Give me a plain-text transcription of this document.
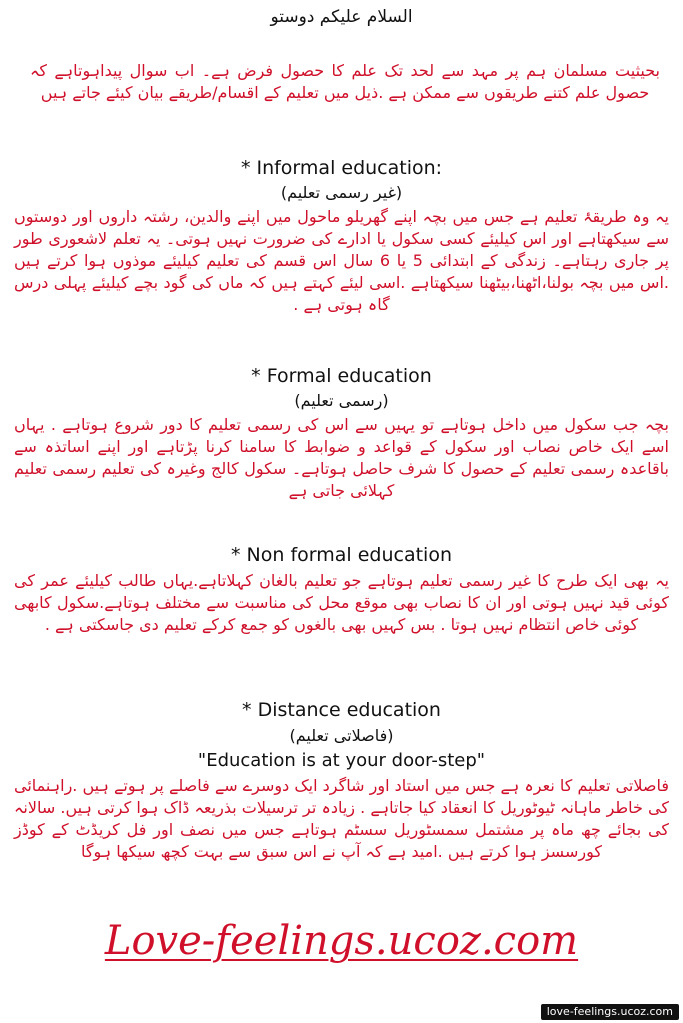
السلام علیکم دوستو
بحیثیت مسلمان ہم پر مہد سے لحد تک علم کا حصول فرض ہے۔ اب سوال پیداہوتاہے کہ حصول علم کتنے طریقوں سے ممکن ہے .ذیل میں تعلیم کے اقسام/طریقے بیان کیئے جاتے ہیں
* Informal education:
(غیر رسمی تعلیم)
یہ وہ طریقۂ تعلیم ہے جس میں بچہ اپنے گھریلو ماحول میں اپنے والدین، رشتہ داروں اور دوستوں سے سیکھتاہے اور اس کیلیئے کسی سکول یا ادارے کی ضرورت نہیں ہوتی۔ یہ تعلم لاشعوری طور پر جاری رہتاہے۔ زندگی کے ابتدائی 5 یا 6 سال اس قسم کی تعلیم کیلیئے موذوں ہوا کرتے ہیں .اس میں بچہ بولنا،اٹھنا،بیٹھنا سیکھتاہے .اسی لیئے کہتے ہیں کہ ماں کی گود بچے کیلیئے پہلی درس گاہ ہوتی ہے .
* Formal education
(رسمی تعلیم)
بچہ جب سکول میں داخل ہوتاہے تو یہیں سے اس کی رسمی تعلیم کا دور شروع ہوتاہے . یہاں اسے ایک خاص نصاب اور سکول کے قواعد و ضوابط کا سامنا کرنا پڑتاہے اور اپنے اساتذہ سے باقاعدہ رسمی تعلیم کے حصول کا شرف حاصل ہوتاہے۔ سکول کالج وغیرہ کی تعلیم رسمی تعلیم کہلائی جاتی ہے
* Non formal education
یہ بھی ایک طرح کا غیر رسمی تعلیم ہوتاہے جو تعلیم بالغان کہلاتاہے.یہاں طالب کیلیئے عمر کی کوئی قید نہیں ہوتی اور ان کا نصاب بھی موقع محل کی مناسبت سے مختلف ہوتاہے.سکول کابھی کوئی خاص انتظام نہیں ہوتا . بس کہیں بھی بالغوں کو جمع کرکے تعلیم دی جاسکتی ہے .
* Distance education
(فاصلاتی تعلیم)
"Education is at your door-step"
فاصلاتی تعلیم کا نعرہ ہے جس میں استاد اور شاگرد ایک دوسرے سے فاصلے پر ہوتے ہیں .راہنمائی کی خاطر ماہانہ ٹیوٹوریل کا انعقاد کیا جاتاہے . زیادہ تر ترسیلات بذریعہ ڈاک ہوا کرتی ہیں. سالانہ کی بجائے چھ ماہ پر مشتمل سمسٹوریل سسٹم ہوتاہے جس میں نصف اور فل کریڈٹ کے کوڈز کورسسز ہوا کرتے ہیں .امید ہے کہ آپ نے اس سبق سے بہت کچھ سیکھا ہوگا
Love-feelings.ucoz.com
love-feelings.ucoz.com
